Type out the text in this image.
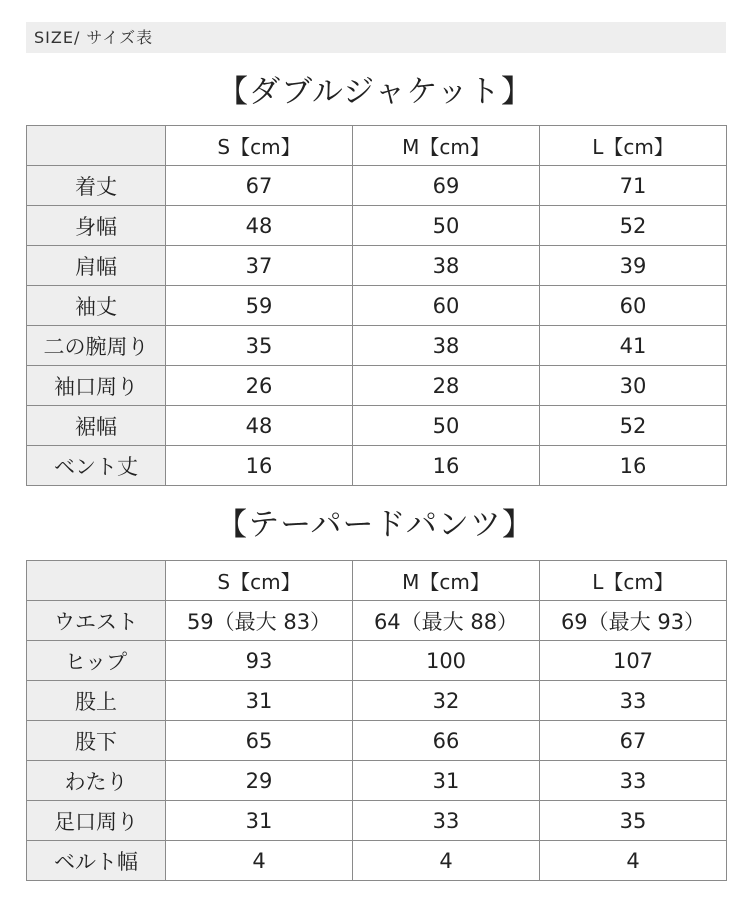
SIZE/ サイズ表
【ダブルジャケット】
	S【cm】	M【cm】	L【cm】
着丈	67	69	71
身幅	48	50	52
肩幅	37	38	39
袖丈	59	60	60
二の腕周り	35	38	41
袖口周り	26	28	30
裾幅	48	50	52
ベント丈	16	16	16
【テーパードパンツ】
	S【cm】	M【cm】	L【cm】
ウエスト	59（最大 83）	64（最大 88）	69（最大 93）
ヒップ	93	100	107
股上	31	32	33
股下	65	66	67
わたり	29	31	33
足口周り	31	33	35
ベルト幅	4	4	4
